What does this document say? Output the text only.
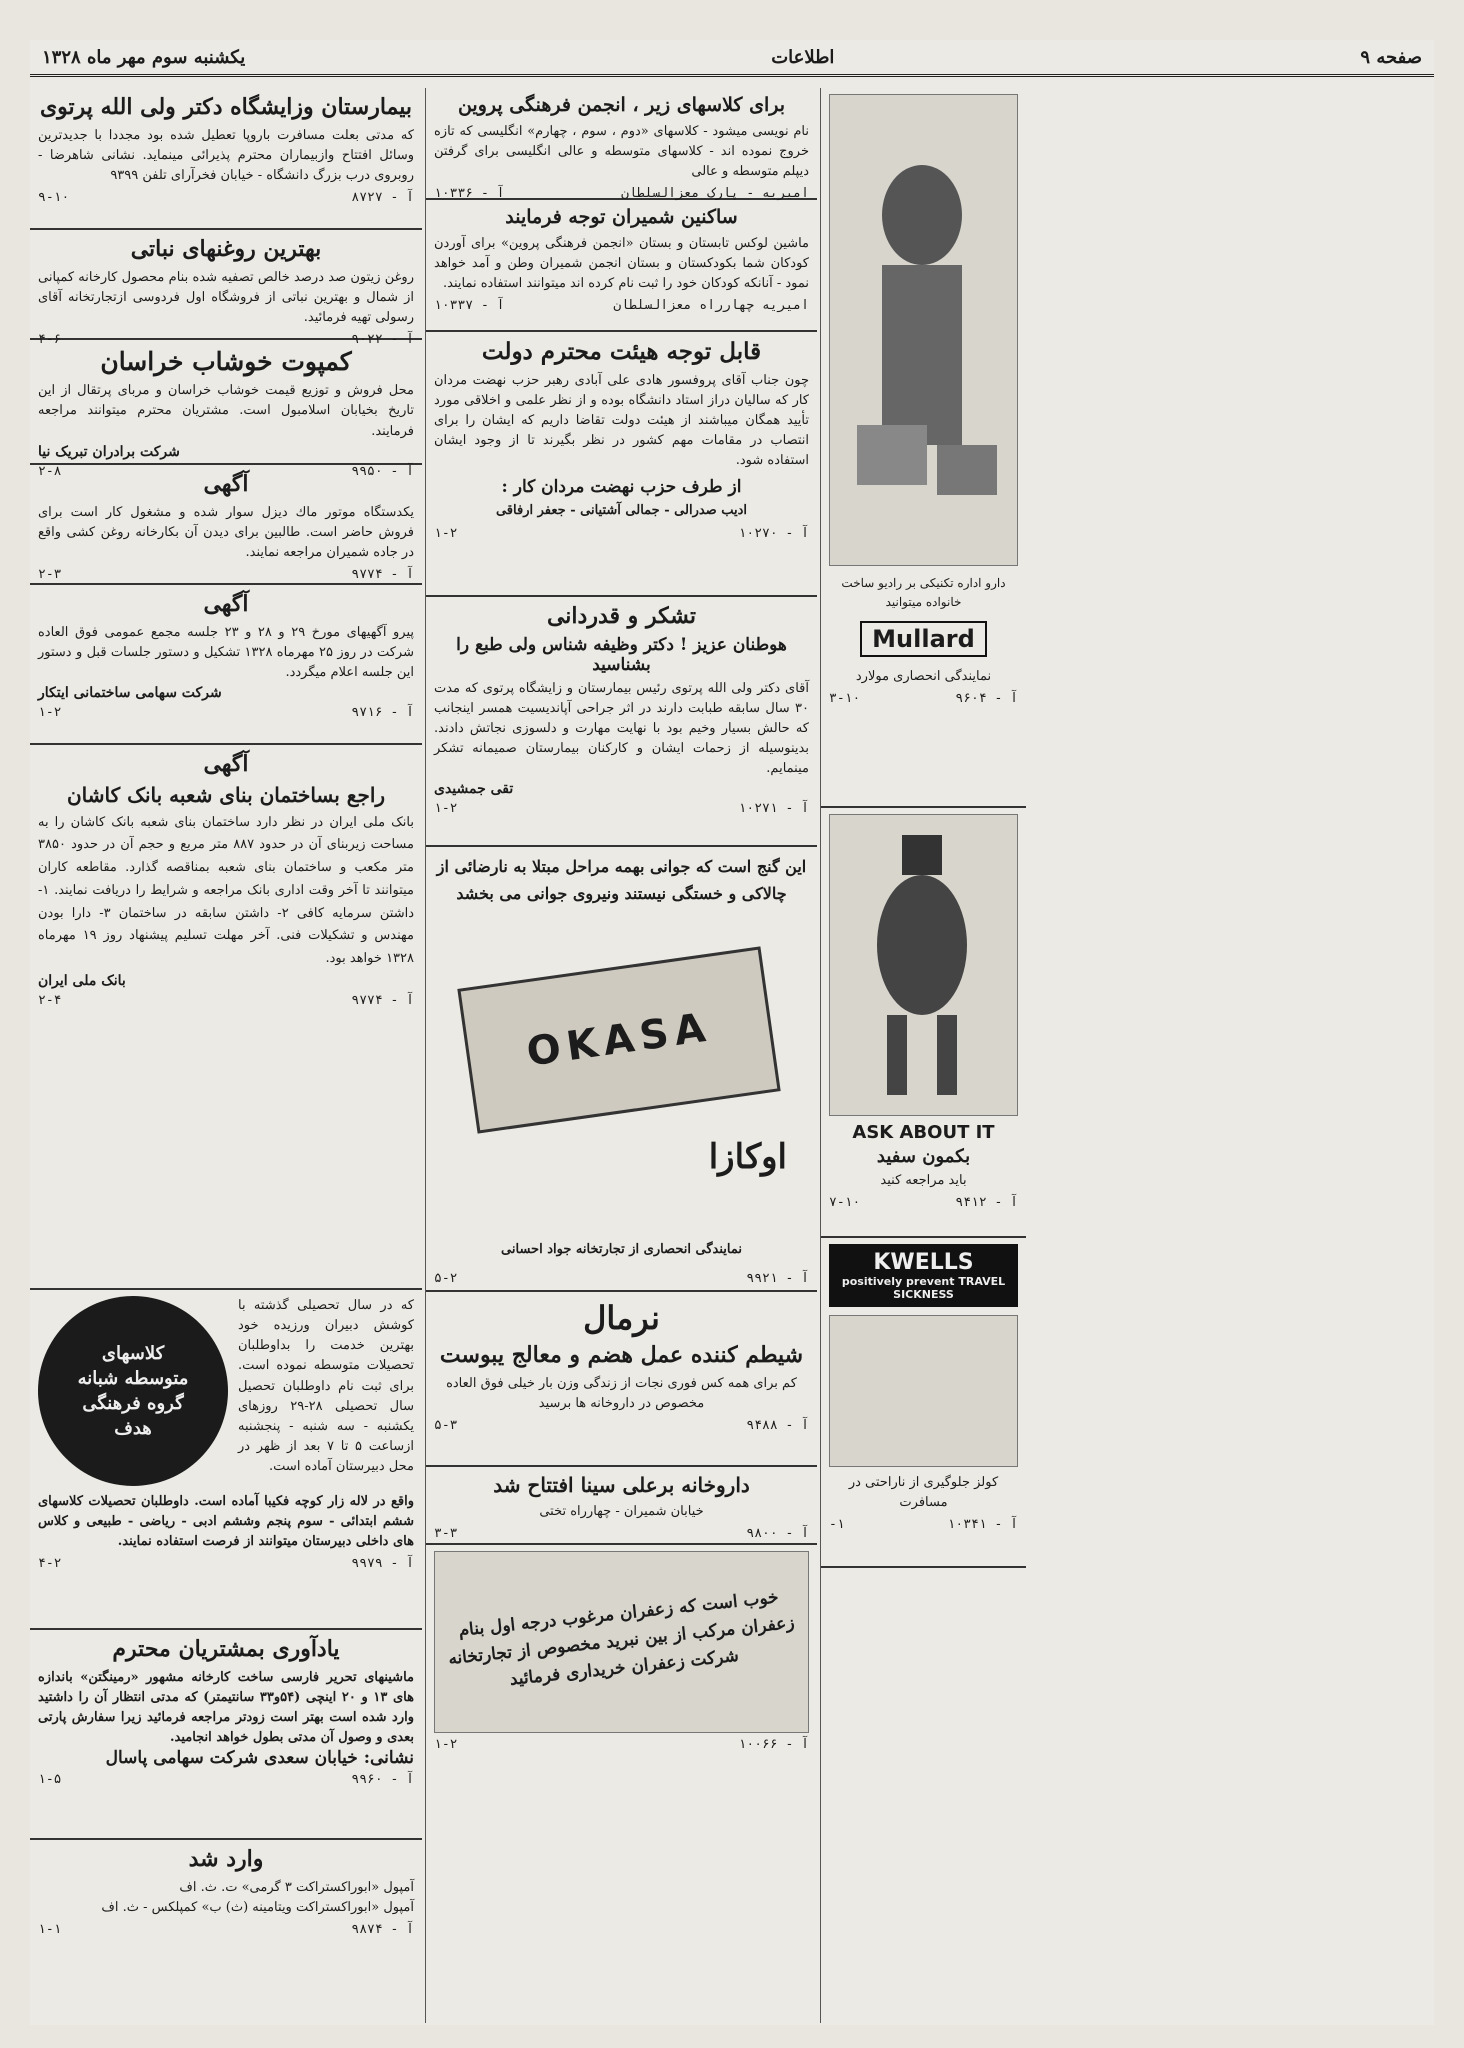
صفحه ۹
اطلاعات
یکشنبه سوم مهر ماه ۱۳۲۸

دارو اداره تکنیکی بر رادیو ساخت خانواده میتوانید

Mullard

نمایندگی انحصاری مولارد

آ - ۹۶۰۴
۳-۱۰
ASK ABOUT IT

بکمون سفید

باید مراجعه کنید

آ - ۹۴۱۲
۷-۱۰
KWELLS
positively prevent TRAVEL SICKNESS

کولز جلوگیری از ناراحتی در مسافرت

آ - ۱۰۳۴۱
۱-
برای کلاسهای زیر ، انجمن فرهنگی پروین

نام نویسی میشود - کلاسهای «دوم ، سوم ، چهارم» انگلیسی که تازه خروج نموده اند - کلاسهای متوسطه و عالی انگلیسی برای گرفتن دیپلم متوسطه و عالی

امیریه - پارک معزالسلطان
آ - ۱۰۳۳۶
ساکنین شمیران توجه فرمایند

ماشین لوکس تابستان و بستان «انجمن فرهنگی پروین» برای آوردن کودکان شما بکودکستان و بستان انجمن شمیران وطن و آمد خواهد نمود - آنانکه کودکان خود را ثبت نام کرده اند میتوانند استفاده نمایند.

امیریه چهارراه معزالسلطان
آ - ۱۰۳۳۷
قابل توجه هیئت محترم دولت

چون جناب آقای پروفسور هادی علی آبادی رهبر حزب نهضت مردان کار که سالیان دراز استاد دانشگاه بوده و از نظر علمی و اخلاقی مورد تأیید همگان میباشند از هیئت دولت تقاضا داریم که ایشان را برای انتصاب در مقامات مهم کشور در نظر بگیرند تا از وجود ایشان استفاده شود.

از طرف حزب نهضت مردان کار :

ادیب صدرالی - جمالی آشتیانی - جعفر ارفاقی

آ - ۱۰۲۷۰
۱-۲
تشکر و قدردانی
هوطنان عزیز ! دکتر وظیفه شناس ولی طبع را بشناسید

آقای دکتر ولی الله پرتوی رئیس بیمارستان و زایشگاه پرتوی که مدت ۳۰ سال سابقه طبابت دارند در اثر جراحی آپاندیسیت همسر اینجانب که حالش بسیار وخیم بود با نهایت مهارت و دلسوزی نجاتش دادند. بدینوسیله از زحمات ایشان و کارکنان بیمارستان صمیمانه تشکر مینمایم.

تقی جمشیدی
آ - ۱۰۲۷۱
۱-۲

این گنج است که جوانی بهمه مراحل مبتلا به نارضائی از چالاکی و خستگی نیستند ونیروی جوانی می بخشد

OKASA
اوکازا

نمایندگی انحصاری از تجارتخانه جواد احسانی

آ - ۹۹۲۱
۵-۲
نرمال
شیطم کننده عمل هضم و معالج یبوست

کم برای همه کس فوری نجات از زندگی وزن بار خیلی فوق العاده مخصوص در داروخانه ها برسید

آ - ۹۴۸۸
۵-۳
داروخانه برعلی سینا افتتاح شد

خیابان شمیران - چهارراه تختی

آ - ۹۸۰۰
۳-۳

خوب است که زعفران مرغوب درجه اول بنام زعفران مرکب از بین نبرید مخصوص از تجارتخانه شرکت زعفران خریداری فرمائید

آ - ۱۰۰۶۶
۱-۲
بیمارستان وزایشگاه دکتر ولی الله پرتوی

که مدتی بعلت مسافرت باروپا تعطیل شده بود مجددا با جدیدترین وسائل افتتاح وازبیماران محترم پذیرائی مینماید. نشانی شاهرضا - روبروی درب بزرگ دانشگاه - خیابان فخرآرای تلفن ۹۳۹۹

آ - ۸۷۲۷
۹-۱۰
بهترین روغنهای نباتی

روغن زیتون صد درصد خالص تصفیه شده بنام محصول کارخانه کمپانی از شمال و بهترین نباتی از فروشگاه اول فردوسی ازتجارتخانه آقای رسولی تهیه فرمائید.

آ - ۹۰۲۲
۴-۶
کمپوت خوشاب خراسان

محل فروش و توزیع قیمت خوشاب خراسان و مربای پرتقال از این تاریخ بخیابان اسلامبول است. مشتریان محترم میتوانند مراجعه فرمایند.

شرکت برادران تبریک نیا
آ - ۹۹۵۰
۲-۸	آگهی

یکدستگاه موتور ماك دیزل سوار شده و مشغول کار است برای فروش حاضر است. طالبین برای دیدن آن بکارخانه روغن کشی واقع در جاده شمیران مراجعه نمایند.

آ - ۹۷۷۴
۲-۳
آگهی

پیرو آگهیهای مورخ ۲۹ و ۲۸ و ۲۳ جلسه مجمع عمومی فوق العاده شرکت در روز ۲۵ مهرماه ۱۳۲۸ تشکیل و دستور جلسات قبل و دستور این جلسه اعلام میگردد.

شرکت سهامی ساختمانی ایتکار
آ - ۹۷۱۶
۱-۲
آگهی
راجع بساختمان بنای شعبه بانک کاشان

بانک ملی ایران در نظر دارد ساختمان بنای شعبه بانک کاشان را به مساحت زیربنای آن در حدود ۸۸۷ متر مربع و حجم آن در حدود ۳۸۵۰ متر مکعب و ساختمان بنای شعبه بمناقصه گذارد. مقاطعه کاران میتوانند تا آخر وقت اداری بانک مراجعه و شرایط را دریافت نمایند. ۱- داشتن سرمایه کافی ۲- داشتن سابقه در ساختمان ۳- دارا بودن مهندس و تشکیلات فنی. آخر مهلت تسلیم پیشنهاد روز ۱۹ مهرماه ۱۳۲۸ خواهد بود.

بانک ملی ایران
آ - ۹۷۷۴
۲-۴

که در سال تحصیلی گذشته با کوشش دبیران ورزیده خود بهترین خدمت را بداوطلبان تحصیلات متوسطه نموده است. برای ثبت نام داوطلبان تحصیل سال تحصیلی ۲۸-۲۹ روزهای یکشنبه - سه شنبه - پنجشنبه ازساعت ۵ تا ۷ بعد از ظهر در محل دبیرستان آماده است.

کلاسهای
متوسطه شبانه
گروه فرهنگی
هدف

واقع در لاله زار کوچه فکیبا آماده است. داوطلبان تحصیلات کلاسهای ششم ابتدائی - سوم پنجم وششم ادبی - ریاضی - طبیعی و کلاس های داخلی دبیرستان میتوانند از فرصت استفاده نمایند.

آ - ۹۹۷۹
۴-۲
یادآوری بمشتریان محترم

ماشینهای تحریر فارسی ساخت کارخانه مشهور «رمینگتن» باندازه های ۱۳ و ۲۰ اینچی (۵۴و۳۳ سانتیمتر) که مدتی انتظار آن را داشتید وارد شده است بهتر است زودتر مراجعه فرمائید زیرا سفارش پارتی بعدی و وصول آن مدتی بطول خواهد انجامید.

نشانی: خیابان سعدی شرکت سهامی پاسال
آ - ۹۹۶۰
۱-۵
وارد شد

آمپول «ابوراکستراکت ۳ گرمی» ت. ث. اف

آمپول «ابوراکستراکت ویتامینه (ث) ب» کمپلکس - ث. اف

آ - ۹۸۷۴
۱-۱
